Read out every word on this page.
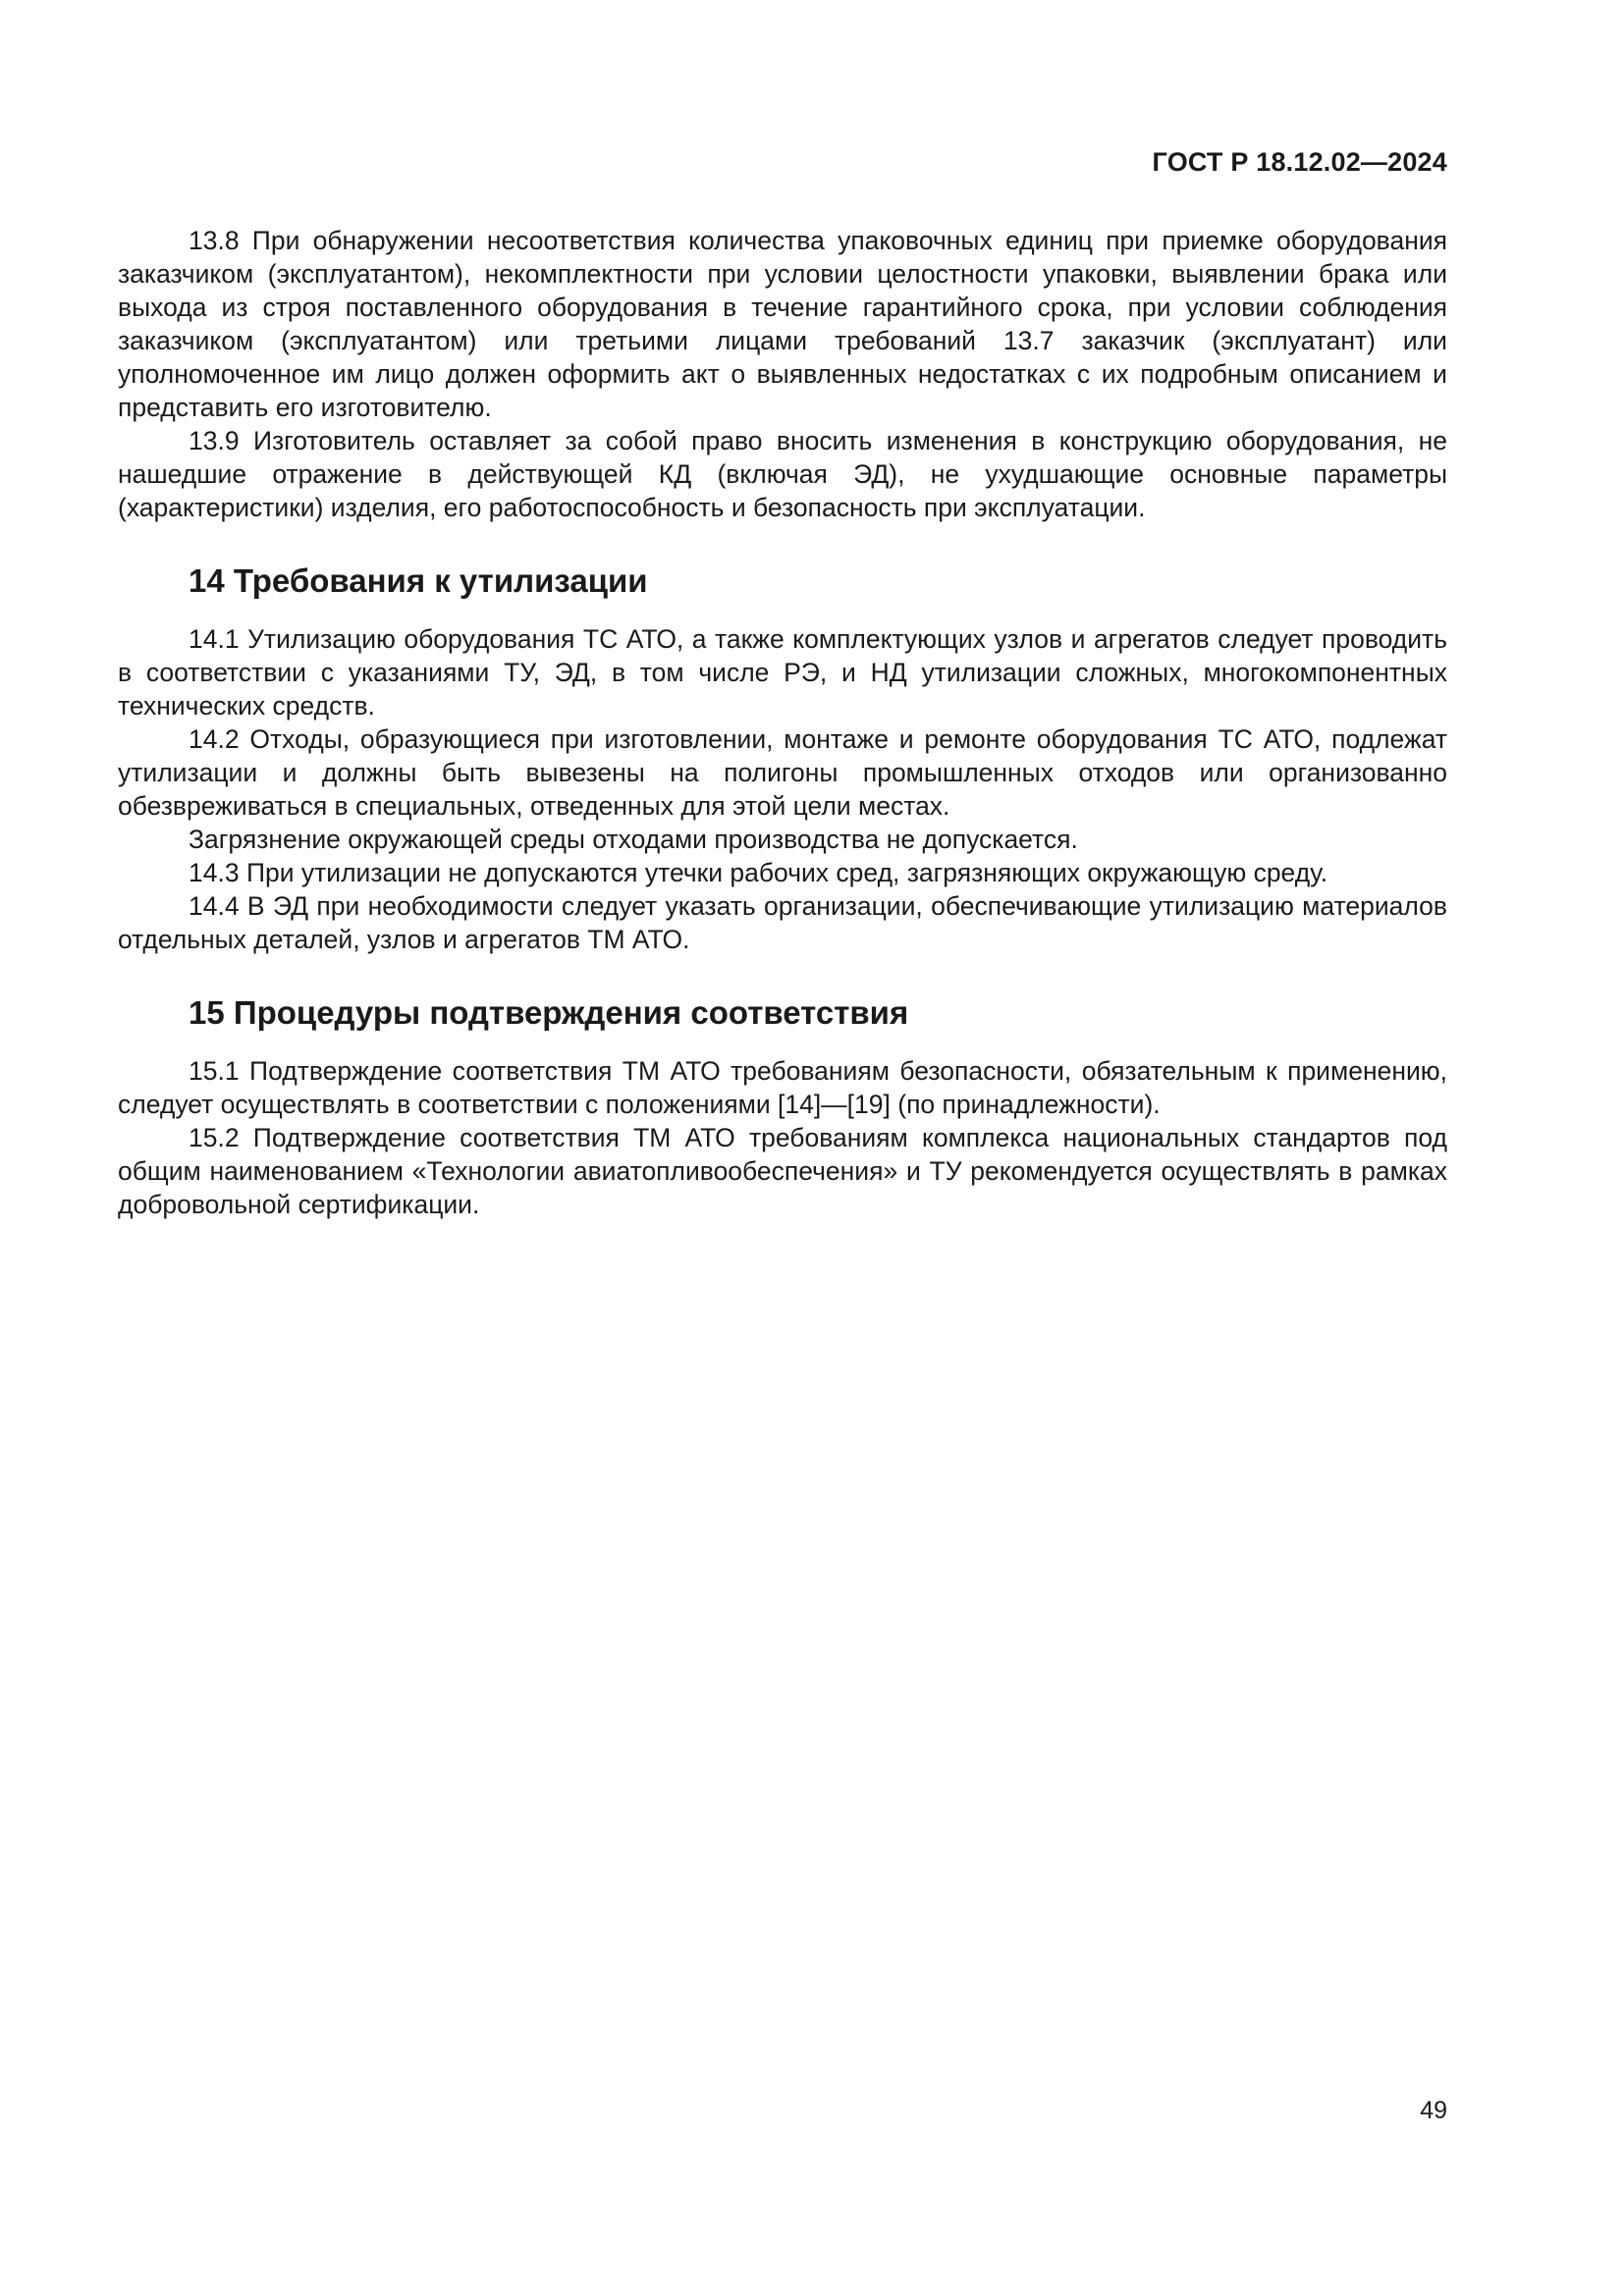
ГОСТ Р 18.12.02—2024

13.8 При обнаружении несоответствия количества упаковочных единиц при приемке оборудования заказчиком (эксплуатантом), некомплектности при условии целостности упаковки, выявлении брака или выхода из строя поставленного оборудования в течение гарантийного срока, при условии соблюдения заказчиком (эксплуатантом) или третьими лицами требований 13.7 заказчик (эксплуатант) или уполномоченное им лицо должен оформить акт о выявленных недостатках с их подробным описанием и представить его изготовителю.

13.9 Изготовитель оставляет за собой право вносить изменения в конструкцию оборудования, не нашедшие отражение в действующей КД (включая ЭД), не ухудшающие основные параметры (характеристики) изделия, его работоспособность и безопасность при эксплуатации.

14 Требования к утилизации

14.1 Утилизацию оборудования ТС АТО, а также комплектующих узлов и агрегатов следует проводить в соответствии с указаниями ТУ, ЭД, в том числе РЭ, и НД утилизации сложных, многокомпонентных технических средств.

14.2 Отходы, образующиеся при изготовлении, монтаже и ремонте оборудования ТС АТО, подлежат утилизации и должны быть вывезены на полигоны промышленных отходов или организованно обезвреживаться в специальных, отведенных для этой цели местах.

Загрязнение окружающей среды отходами производства не допускается.

14.3 При утилизации не допускаются утечки рабочих сред, загрязняющих окружающую среду.

14.4 В ЭД при необходимости следует указать организации, обеспечивающие утилизацию материалов отдельных деталей, узлов и агрегатов ТМ АТО.

15 Процедуры подтверждения соответствия

15.1 Подтверждение соответствия ТМ АТО требованиям безопасности, обязательным к применению, следует осуществлять в соответствии с положениями [14]—[19] (по принадлежности).

15.2 Подтверждение соответствия ТМ АТО требованиям комплекса национальных стандартов под общим наименованием «Технологии авиатопливообеспечения» и ТУ рекомендуется осуществлять в рамках добровольной сертификации.

49
